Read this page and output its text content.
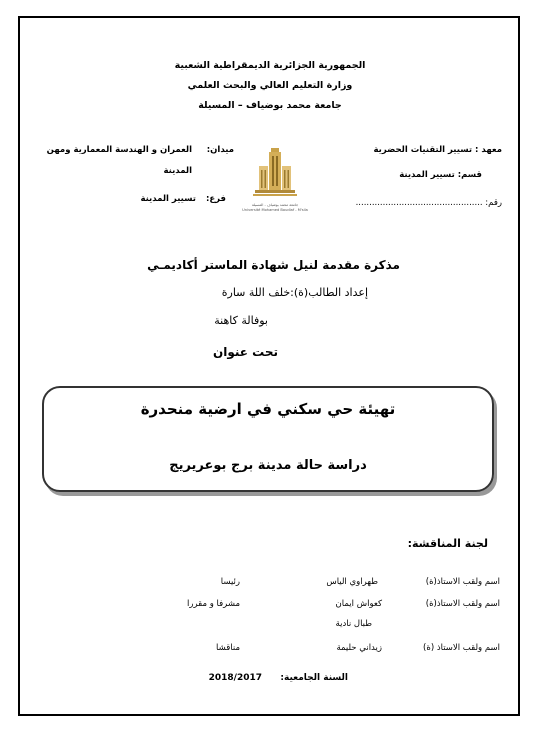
الجمهورية الجزائرية الديمقراطية الشعبية
وزارة التعليم العالي والبحث العلمي
جامعة محمد بوضياف – المسيلة
معهد : تسيير التقنيات الحضرية
قسم: تسيير المدينة
رقم: ...............................................
ميدان:
العمران و الهندسة المعمارية ومهن
المدينة
فرع:
تسيير المدينة
جامعة محمد بوضياف - المسيلة
Université Mohamed Boudiaf - M'sila
مذكرة مقدمة لنيل شهادة الماستر أكاديمـي
إعداد الطالب(ة):خلف اللة سارة
بوفالة كاهنة
تحت عنوان
تهيئة حي سكني في ارضية منحدرة
دراسة حالة مدينة برج بوعريريج
لجنة المناقشة:
اسم ولقب الاستاذ(ة)
طهراوي الياس
رئيسا
اسم ولقب الاستاذ(ة)
كعواش ايمان
مشرفا و مقررا
طبال نادية
اسم ولقب الاستاذ (ة)
زيداني حليمة
مناقشا
السنة الجامعية:
2018/2017
